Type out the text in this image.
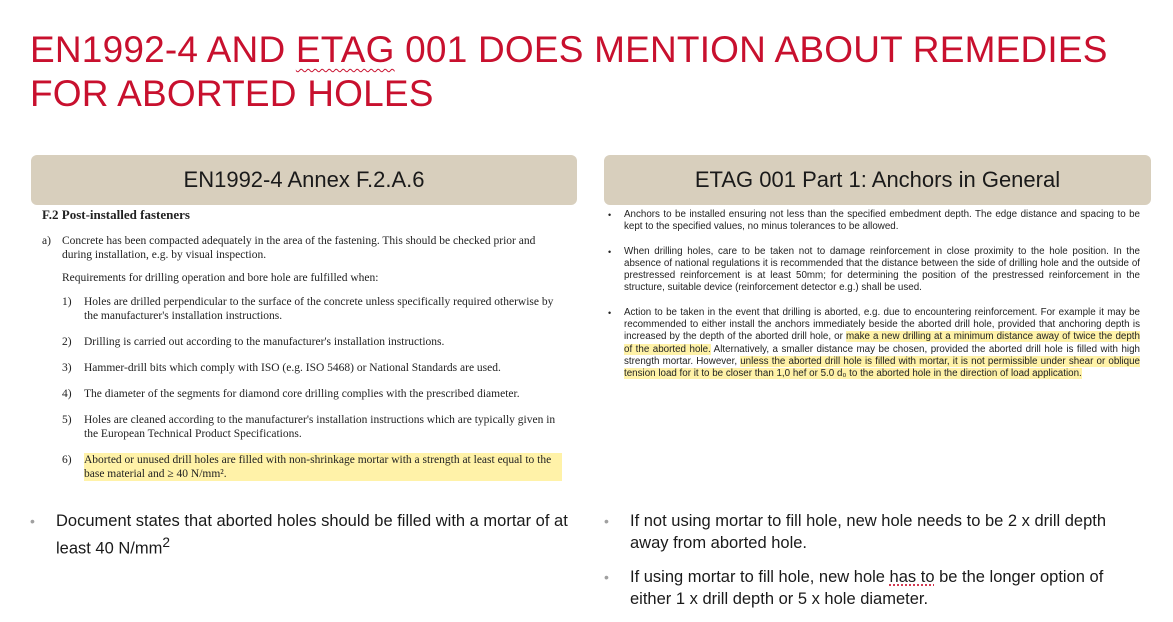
EN1992-4 AND ETAG 001 DOES MENTION ABOUT REMEDIES
FOR ABORTED HOLES
EN1992-4 Annex F.2.A.6	ETAG 001 Part 1: Anchors in General
F.2 Post-installed fasteners
a) Concrete has been compacted adequately in the area of the fastening. This should be checked prior and during installation, e.g. by visual inspection.
Requirements for drilling operation and bore hole are fulfilled when:
1)	Holes are drilled perpendicular to the surface of the concrete unless specifically required otherwise by the manufacturer's installation instructions.
2)	Drilling is carried out according to the manufacturer's installation instructions.
3)	Hammer-drill bits which comply with ISO (e.g. ISO 5468) or National Standards are used.
4)	The diameter of the segments for diamond core drilling complies with the prescribed diameter.
5)	Holes are cleaned according to the manufacturer's installation instructions which are typically given in the European Technical Product Specifications.
6)	Aborted or unused drill holes are filled with non-shrinkage mortar with a strength at least equal to the base material and ≥ 40 N/mm².
•	Anchors to be installed ensuring not less than the specified embedment depth. The edge distance and spacing to be kept to the specified values, no minus tolerances to be allowed.
•	When drilling holes, care to be taken not to damage reinforcement in close proximity to the hole position. In the absence of national regulations it is recommended that the distance between the side of drilling hole and the outside of prestressed reinforcement is at least 50mm; for determining the position of the prestressed reinforcement in the structure, suitable device (reinforcement detector e.g.) shall be used.
•	Action to be taken in the event that drilling is aborted, e.g. due to encountering reinforcement. For example it may be recommended to either install the anchors immediately beside the aborted drill hole, provided that anchoring depth is increased by the depth of the aborted drill hole, or make a new drilling at a minimum distance away of twice the depth of the aborted hole. Alternatively, a smaller distance may be chosen, provided the aborted drill hole is filled with high strength mortar. However, unless the aborted drill hole is filled with mortar, it is not permissible under shear or oblique tension load for it to be closer than 1,0 hef or 5.0 d₀ to the aborted hole in the direction of load application.
•	Document states that aborted holes should be filled with a mortar of at least 40 $N/mm^2$
•	If not using mortar to fill hole, new hole needs to be 2 x drill depth away from aborted hole.
•	If using mortar to fill hole, new hole has to be the longer option of either 1 x drill depth or 5 x hole diameter.
